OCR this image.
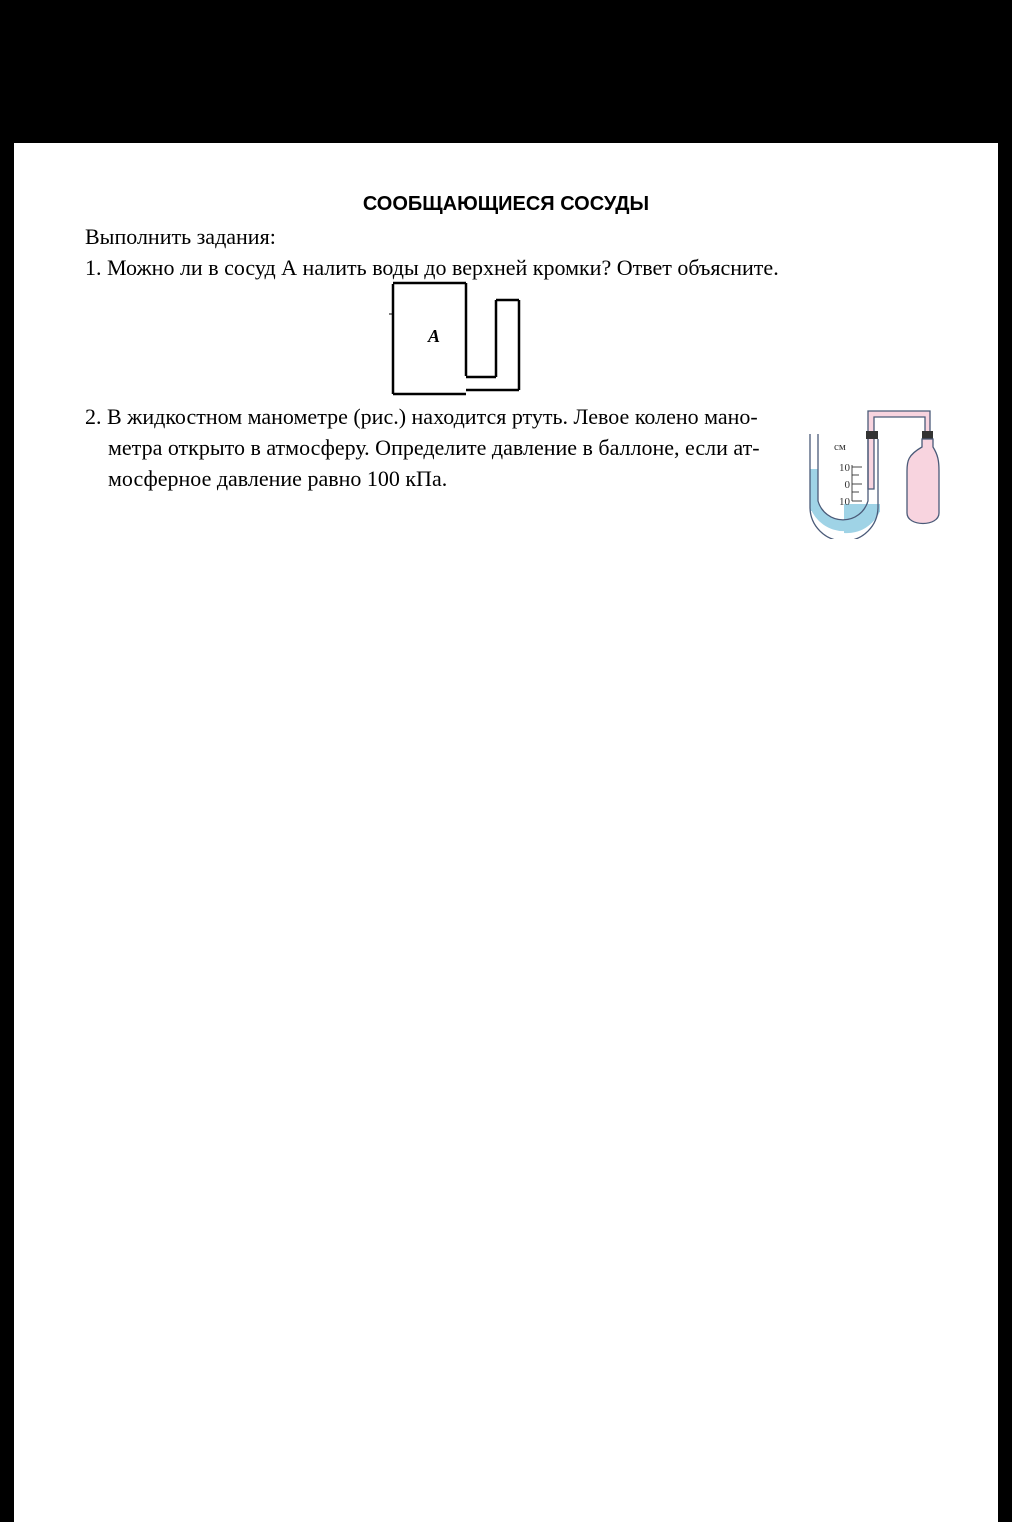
СООБЩАЮЩИЕСЯ СОСУДЫ
Выполнить задания:
1. Можно ли в сосуд А налить воды до верхней кромки? Ответ объясните.
A
2. В жидкостном манометре (рис.) находится ртуть. Левое колено мано-
метра открыто в атмосферу. Определите давление в баллоне, если ат-
мосферное давление равно 100 кПа.
см
10
0
10
